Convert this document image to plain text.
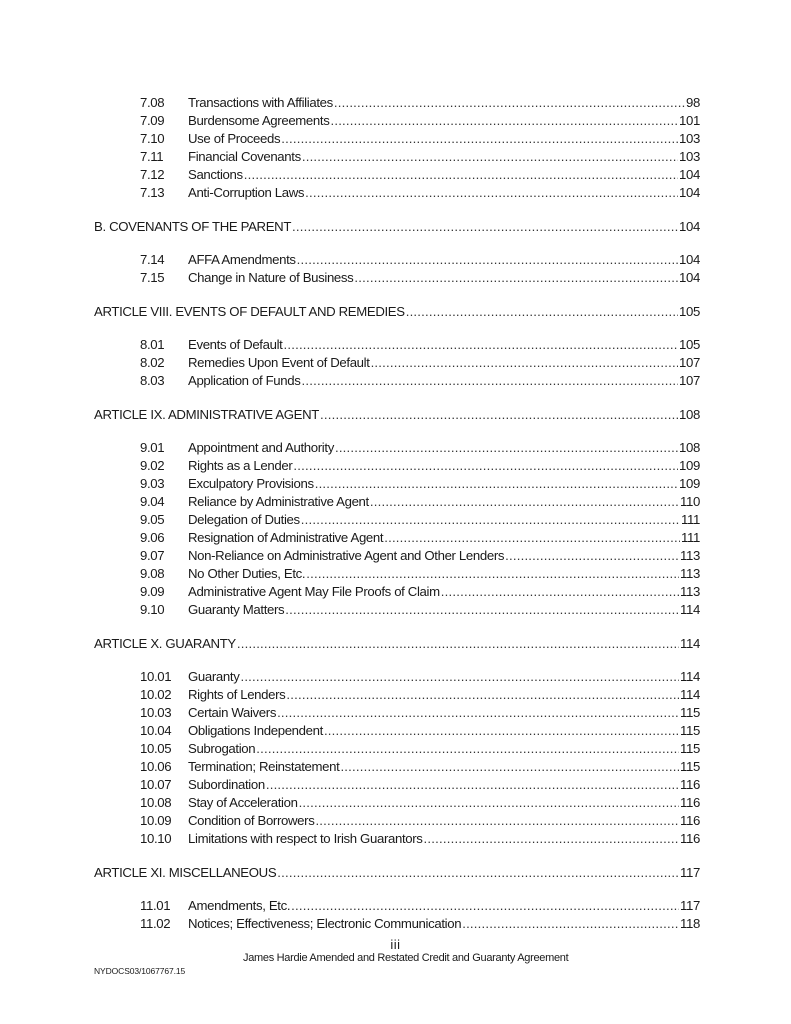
7.08	Transactions with Affiliates .....	98
7.09	Burdensome Agreements .....	101
7.10	Use of Proceeds .....	103
7.11	Financial Covenants .....	103
7.12	Sanctions .....	104
7.13	Anti-Corruption Laws .....	104
B. COVENANTS OF THE PARENT .....	104
7.14	AFFA Amendments .....	104
7.15	Change in Nature of Business .....	104
ARTICLE VIII. EVENTS OF DEFAULT AND REMEDIES .....	105
8.01	Events of Default .....	105
8.02	Remedies Upon Event of Default .....	107
8.03	Application of Funds .....	107
ARTICLE IX. ADMINISTRATIVE AGENT .....	108
9.01	Appointment and Authority .....	108
9.02	Rights as a Lender .....	109
9.03	Exculpatory Provisions .....	109
9.04	Reliance by Administrative Agent .....	110
9.05	Delegation of Duties .....	111
9.06	Resignation of Administrative Agent .....	111
9.07	Non-Reliance on Administrative Agent and Other Lenders .....	113
9.08	No Other Duties, Etc. .....	113
9.09	Administrative Agent May File Proofs of Claim .....	113
9.10	Guaranty Matters .....	114
ARTICLE X. GUARANTY .....	114
10.01	Guaranty .....	114
10.02	Rights of Lenders .....	114
10.03	Certain Waivers .....	115
10.04	Obligations Independent .....	115
10.05	Subrogation .....	115
10.06	Termination; Reinstatement .....	115
10.07	Subordination .....	116
10.08	Stay of Acceleration .....	116
10.09	Condition of Borrowers .....	116
10.10	Limitations with respect to Irish Guarantors .....	116
ARTICLE XI. MISCELLANEOUS .....	117
11.01	Amendments, Etc. .....	117
11.02	Notices; Effectiveness; Electronic Communication .....	118
iii
James Hardie Amended and Restated Credit and Guaranty Agreement
NYDOCS03/1067767.15
